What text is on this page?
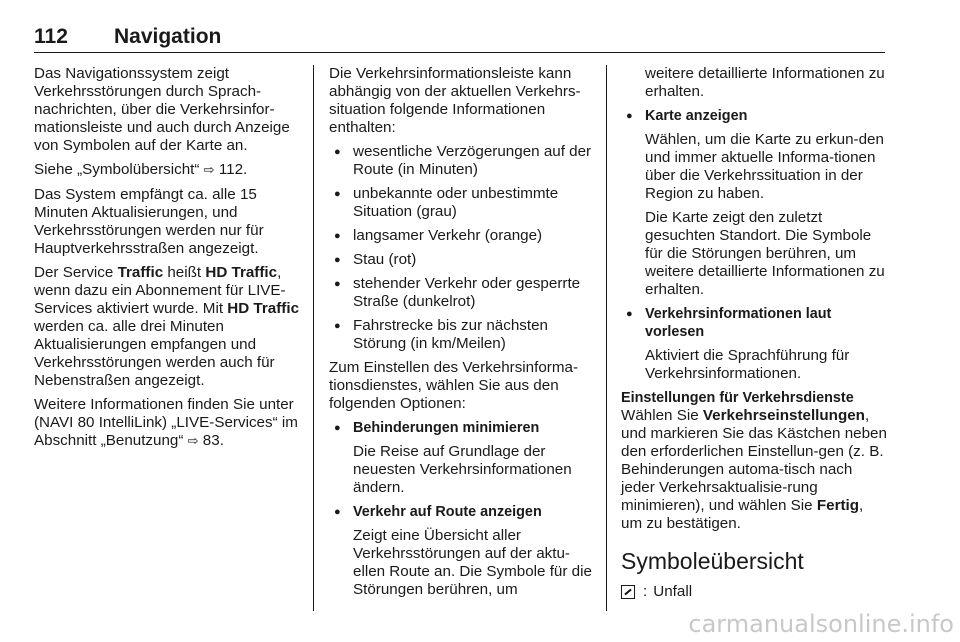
112 Navigation

Das Navigationssystem zeigt Verkehrsstörungen durch Sprach-nachrichten, über die Verkehrsinfor-mationsleiste und auch durch Anzeige von Symbolen auf der Karte an.

Siehe „Symbolübersicht“ ⇨ 112.

Das System empfängt ca. alle 15 Minuten Aktualisierungen, und Verkehrsstörungen werden nur für Hauptverkehrsstraßen angezeigt.

Der Service Traffic heißt HD Traffic, wenn dazu ein Abonnement für LIVE-Services aktiviert wurde. Mit HD Traffic werden ca. alle drei Minuten Aktualisierungen empfangen und Verkehrsstörungen werden auch für Nebenstraßen angezeigt.

Weitere Informationen finden Sie unter (NAVI 80 IntelliLink) „LIVE-Services“ im Abschnitt „Benutzung“ ⇨ 83.

Die Verkehrsinformationsleiste kann abhängig von der aktuellen Verkehrs-situation folgende Informationen enthalten:

● wesentliche Verzögerungen auf der Route (in Minuten)
● unbekannte oder unbestimmte Situation (grau)
● langsamer Verkehr (orange)
● Stau (rot)
● stehender Verkehr oder gesperrte Straße (dunkelrot)
● Fahrstrecke bis zur nächsten Störung (in km/Meilen)

Zum Einstellen des Verkehrsinforma-tionsdienstes, wählen Sie aus den folgenden Optionen:

● Behinderungen minimieren
Die Reise auf Grundlage der neuesten Verkehrsinformationen ändern.
● Verkehr auf Route anzeigen
Zeigt eine Übersicht aller Verkehrsstörungen auf der aktu-ellen Route an. Die Symbole für die Störungen berühren, um
weitere detaillierte Informationen zu erhalten.
● Karte anzeigen
Wählen, um die Karte zu erkun-den und immer aktuelle Informa-tionen über die Verkehrssituation in der Region zu haben.
Die Karte zeigt den zuletzt gesuchten Standort. Die Symbole für die Störungen berühren, um weitere detaillierte Informationen zu erhalten.
● Verkehrsinformationen laut vorlesen
Aktiviert die Sprachführung für Verkehrsinformationen.

Einstellungen für Verkehrsdienste

Wählen Sie Verkehrseinstellungen, und markieren Sie das Kästchen neben den erforderlichen Einstellun-gen (z. B. Behinderungen automa-tisch nach jeder Verkehrsaktualisie-rung minimieren), und wählen Sie Fertig, um zu bestätigen.

Symboleübersicht

: Unfall
carmanualsonline.info
